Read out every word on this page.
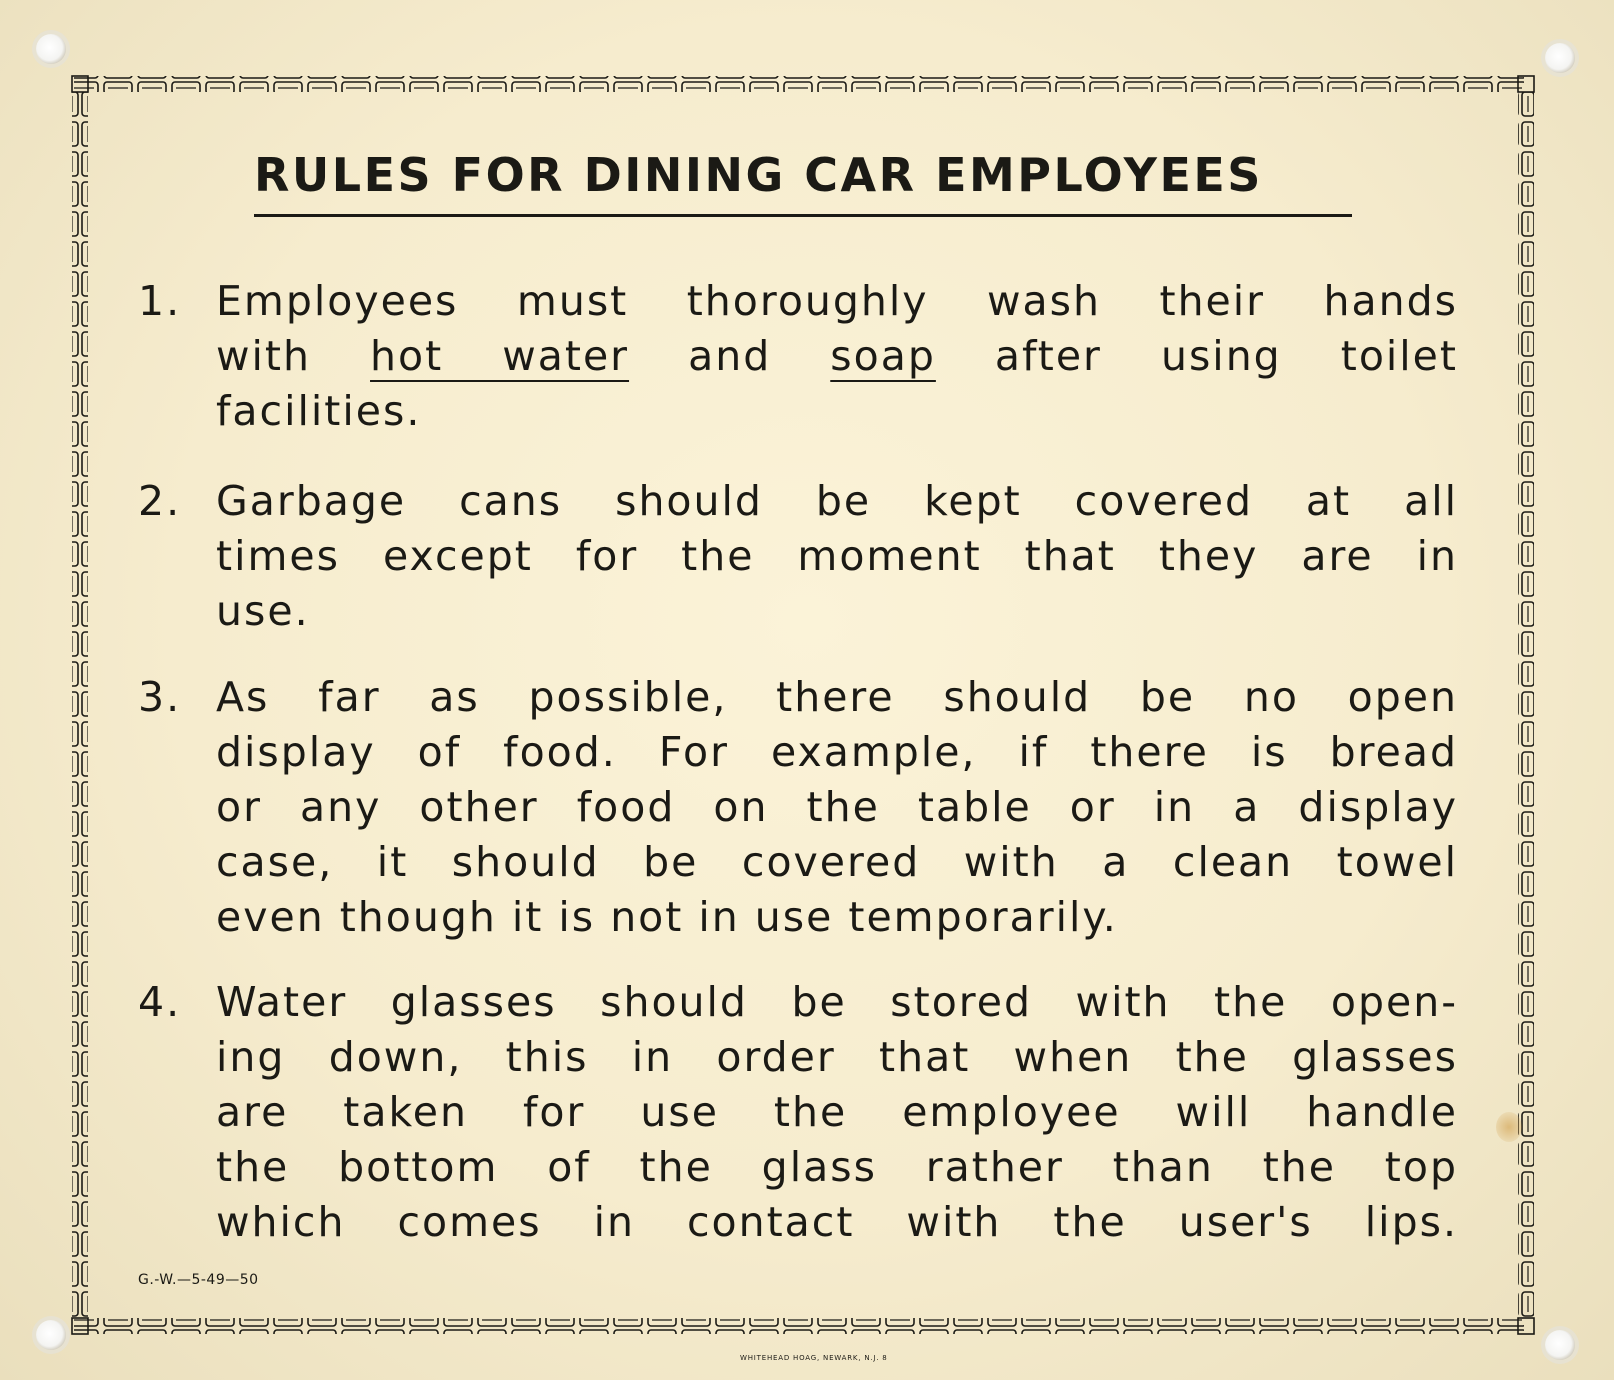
RULES FOR DINING CAR EMPLOYEES
1. Employees must thoroughly wash their hands
with hot water and soap after using toilet
facilities.
2. Garbage cans should be kept covered at all
times except for the moment that they are in
use.
3. As far as possible, there should be no open
display of food. For example, if there is bread
or any other food on the table or in a display
case, it should be covered with a clean towel
even though it is not in use temporarily.
4. Water glasses should be stored with the open-
ing down, this in order that when the glasses
are taken for use the employee will handle
the bottom of the glass rather than the top
which comes in contact with the user's lips.
G.-W.—5-49—50
WHITEHEAD HOAG, NEWARK, N.J. 8
